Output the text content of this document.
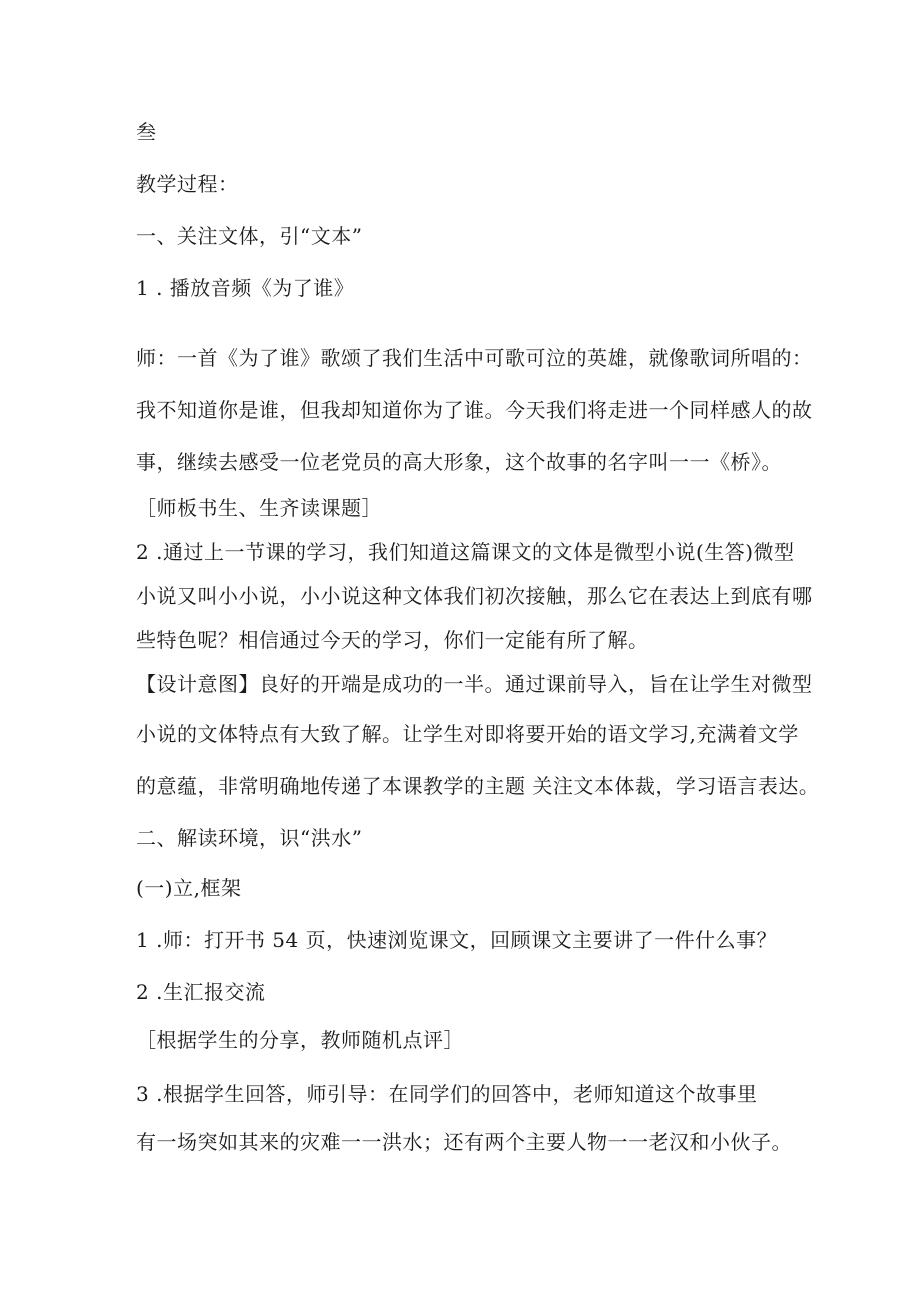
叁
教学过程：
一、关注文体，引“文本”
1 . 播放音频《为了谁》
师：一首《为了谁》歌颂了我们生活中可歌可泣的英雄，就像歌词所唱的：
我不知道你是谁，但我却知道你为了谁。今天我们将走进一个同样感人的故
事，继续去感受一位老党员的高大形象，这个故事的名字叫一一《桥》。
［师板书生、生齐读课题］
2 .通过上一节课的学习，我们知道这篇课文的文体是微型小说(生答)微型
小说又叫小小说，小小说这种文体我们初次接触，那么它在表达上到底有哪
些特色呢？相信通过今天的学习，你们一定能有所了解。
【设计意图】良好的开端是成功的一半。通过课前导入，旨在让学生对微型
小说的文体特点有大致了解。让学生对即将要开始的语文学习,充满着文学
的意蕴，非常明确地传递了本课教学的主题 关注文本体裁，学习语言表达。
二、解读环境，识“洪水”
(一)立,框架
1 .师：打开书 54 页，快速浏览课文，回顾课文主要讲了一件什么事？
2 .生汇报交流
［根据学生的分享，教师随机点评］
3 .根据学生回答，师引导：在同学们的回答中，老师知道这个故事里
有一场突如其来的灾难一一洪水；还有两个主要人物一一老汉和小伙子。
